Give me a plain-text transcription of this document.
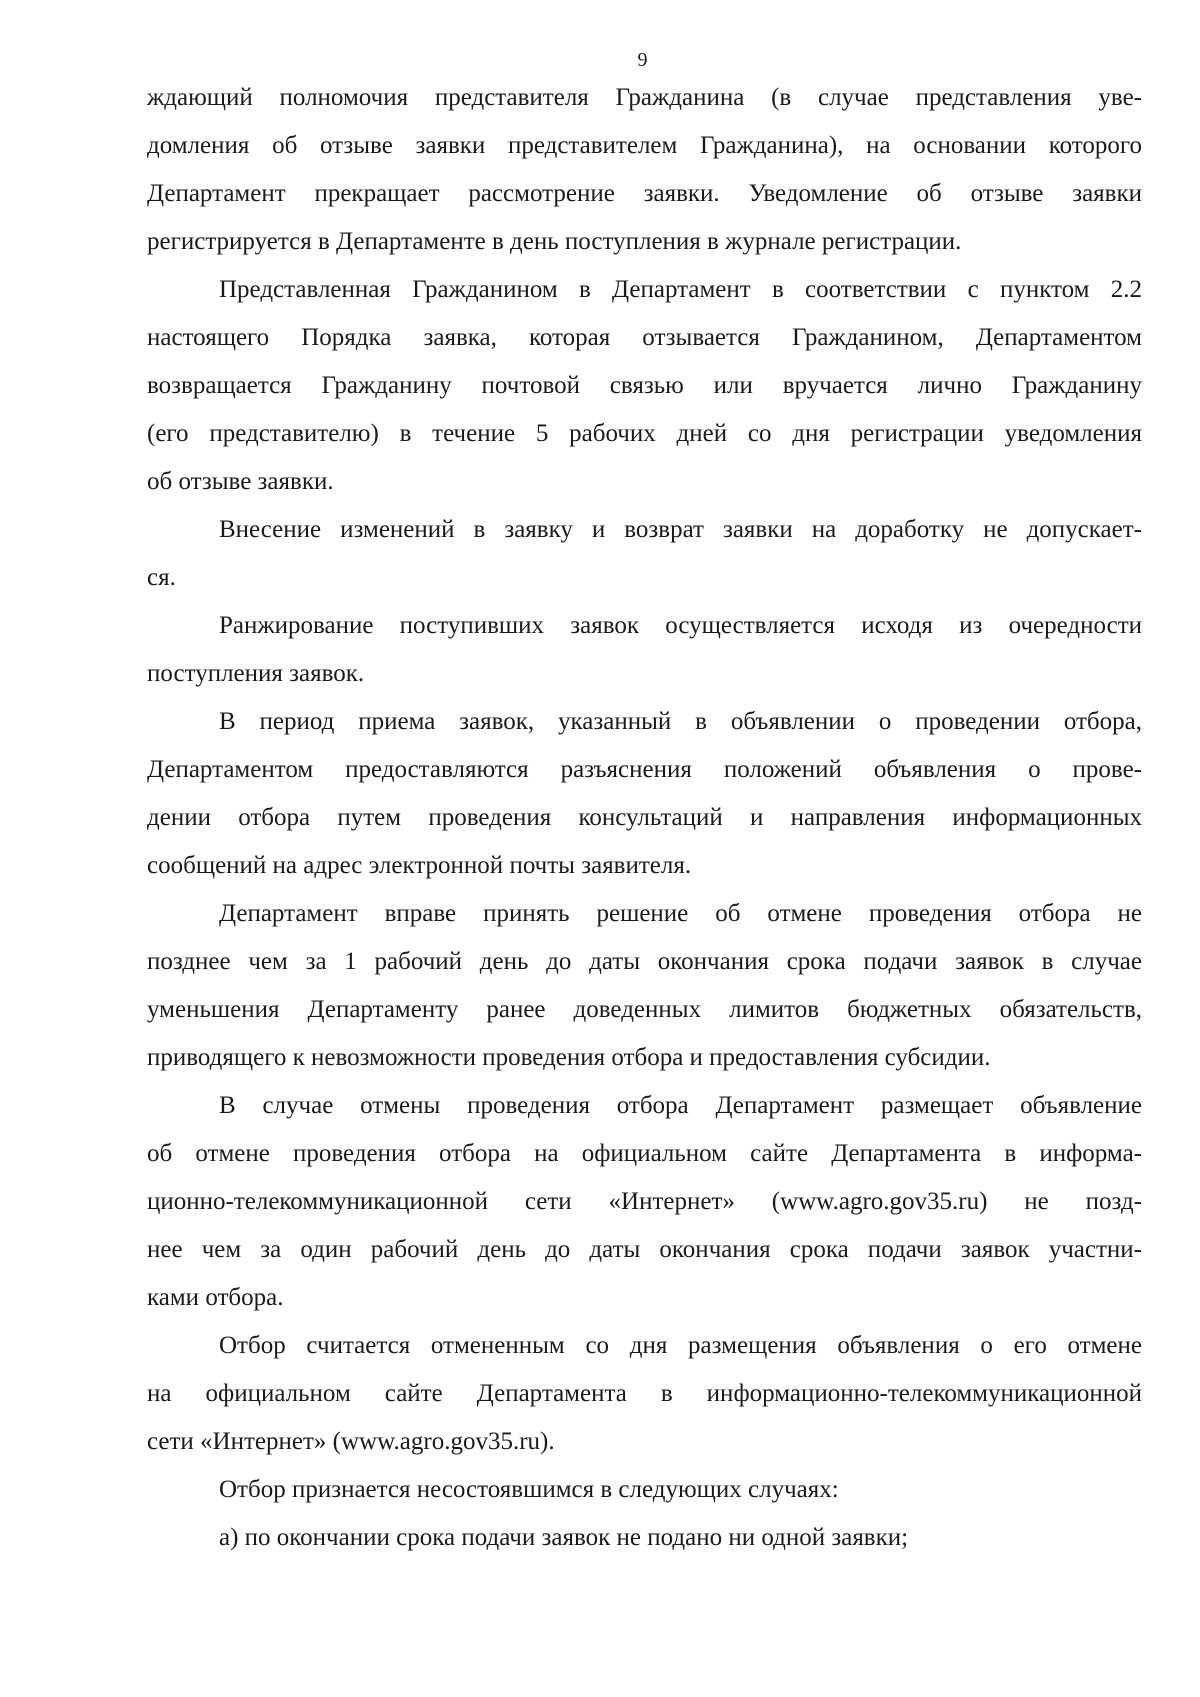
9
ждающий полномочия представителя Гражданина (в случае представления уве-
домления об отзыве заявки представителем Гражданина), на основании которого
Департамент прекращает рассмотрение заявки. Уведомление об отзыве заявки
регистрируется в Департаменте в день поступления в журнале регистрации.
Представленная Гражданином в Департамент в соответствии с пунктом 2.2
настоящего Порядка заявка, которая отзывается Гражданином, Департаментом
возвращается Гражданину почтовой связью или вручается лично Гражданину
(его представителю) в течение 5 рабочих дней со дня регистрации уведомления
об отзыве заявки.
Внесение изменений в заявку и возврат заявки на доработку не допускает-
ся.
Ранжирование поступивших заявок осуществляется исходя из очередности
поступления заявок.
В период приема заявок, указанный в объявлении о проведении отбора,
Департаментом предоставляются разъяснения положений объявления о прове-
дении отбора путем проведения консультаций и направления информационных
сообщений на адрес электронной почты заявителя.
Департамент вправе принять решение об отмене проведения отбора не
позднее чем за 1 рабочий день до даты окончания срока подачи заявок в случае
уменьшения Департаменту ранее доведенных лимитов бюджетных обязательств,
приводящего к невозможности проведения отбора и предоставления субсидии.
В случае отмены проведения отбора Департамент размещает объявление
об отмене проведения отбора на официальном сайте Департамента в информа-
ционно-телекоммуникационной сети «Интернет» (www.agro.gov35.ru) не позд-
нее чем за один рабочий день до даты окончания срока подачи заявок участни-
ками отбора.
Отбор считается отмененным со дня размещения объявления о его отмене
на официальном сайте Департамента в информационно-телекоммуникационной
сети «Интернет» (www.agro.gov35.ru).
Отбор признается несостоявшимся в следующих случаях:
а) по окончании срока подачи заявок не подано ни одной заявки;
